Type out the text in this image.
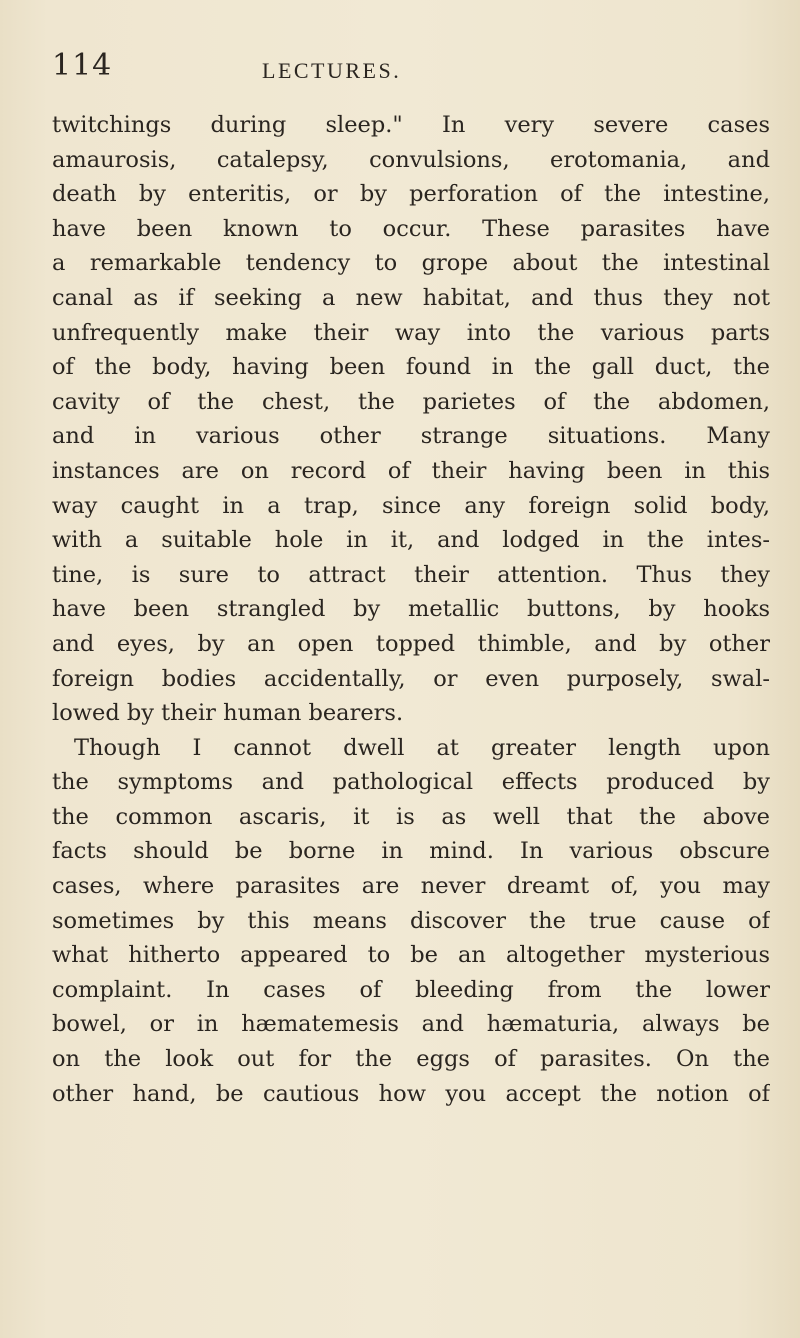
114	LECTURES.
twitchings during sleep." In very severe cases
amaurosis, catalepsy, convulsions, erotomania, and
death by enteritis, or by perforation of the intestine,
have been known to occur. These parasites have
a remarkable tendency to grope about the intestinal
canal as if seeking a new habitat, and thus they not
unfrequently make their way into the various parts
of the body, having been found in the gall duct, the
cavity of the chest, the parietes of the abdomen,
and in various other strange situations. Many
instances are on record of their having been in this
way caught in a trap, since any foreign solid body,
with a suitable hole in it, and lodged in the intes-
tine, is sure to attract their attention. Thus they
have been strangled by metallic buttons, by hooks
and eyes, by an open topped thimble, and by other
foreign bodies accidentally, or even purposely, swal-
lowed by their human bearers.
Though I cannot dwell at greater length upon
the symptoms and pathological effects produced by
the common ascaris, it is as well that the above
facts should be borne in mind. In various obscure
cases, where parasites are never dreamt of, you may
sometimes by this means discover the true cause of
what hitherto appeared to be an altogether mysterious
complaint. In cases of bleeding from the lower
bowel, or in hæmatemesis and hæmaturia, always be
on the look out for the eggs of parasites. On the
other hand, be cautious how you accept the notion of
